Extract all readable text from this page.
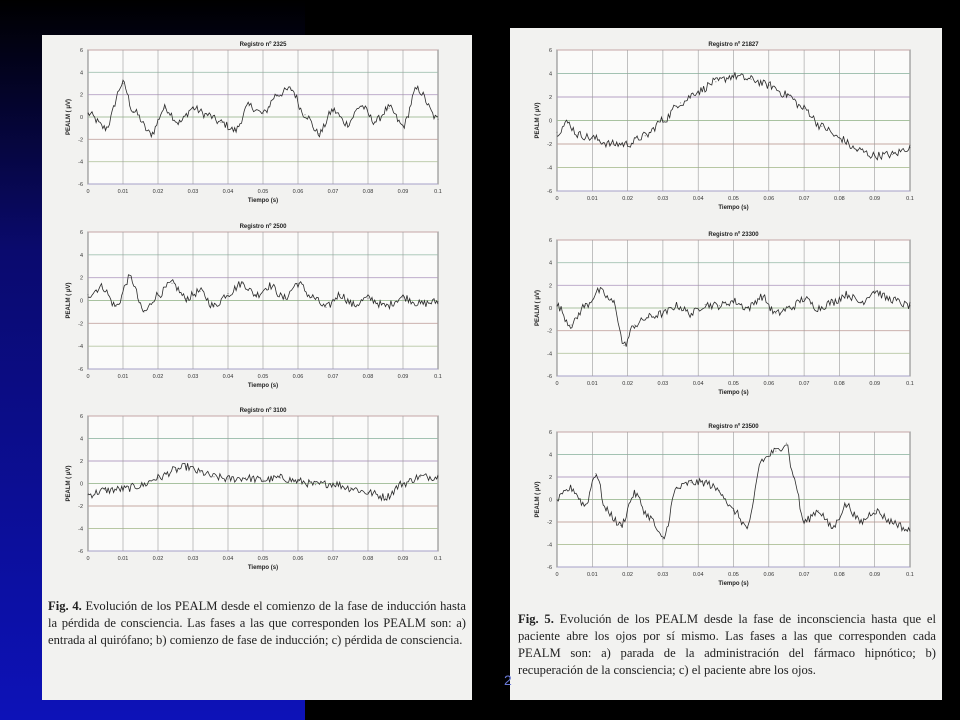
Fig. 4. Evolución de los PEALM desde el comienzo de la fase de inducción hasta la pérdida de consciencia. Las fases a las que corresponden los PEALM son: a) entrada al quirófano; b) comienzo de fase de inducción; c) pérdida de consciencia.
Fig. 5. Evolución de los PEALM desde la fase de inconsciencia hasta que el paciente abre los ojos por sí mismo. Las fases a las que corresponden cada PEALM son: a) parada de la administración del fármaco hipnótico; b) recuperación de la consciencia; c) el paciente abre los ojos.
2
-6
-4
-2
0
2
4
6
0	0.01	0.02	0.03	0.04	0.05	0.06	0.07	0.08	0.09	0.1
Registro nº 2325
Tiempo (s)
PEALM ( μV)
-6
-4
-2
0
2
4
6
0	0.01	0.02	0.03	0.04	0.05	0.06	0.07	0.08	0.09	0.1
Registro nº 2500
Tiempo (s)
PEALM ( μV)
-6
-4
-2
0
2
4
6
0	0.01	0.02	0.03	0.04	0.05	0.06	0.07	0.08	0.09	0.1
Registro nº 3100
Tiempo (s)
PEALM ( μV)
-6
-4
-2
0
2
4
6
0	0.01	0.02	0.03	0.04	0.05	0.06	0.07	0.08	0.09	0.1
Registro nº 21827
Tiempo (s)
PEALM ( μV)
-6
-4
-2
0
2
4
6
0	0.01	0.02	0.03	0.04	0.05	0.06	0.07	0.08	0.09	0.1
Registro nº 23300
Tiempo (s)
PEALM ( μV)
-6
-4
-2
0
2
4
6
0	0.01	0.02	0.03	0.04	0.05	0.06	0.07	0.08	0.09	0.1
Registro nº 23500
Tiempo (s)
PEALM ( μV)
